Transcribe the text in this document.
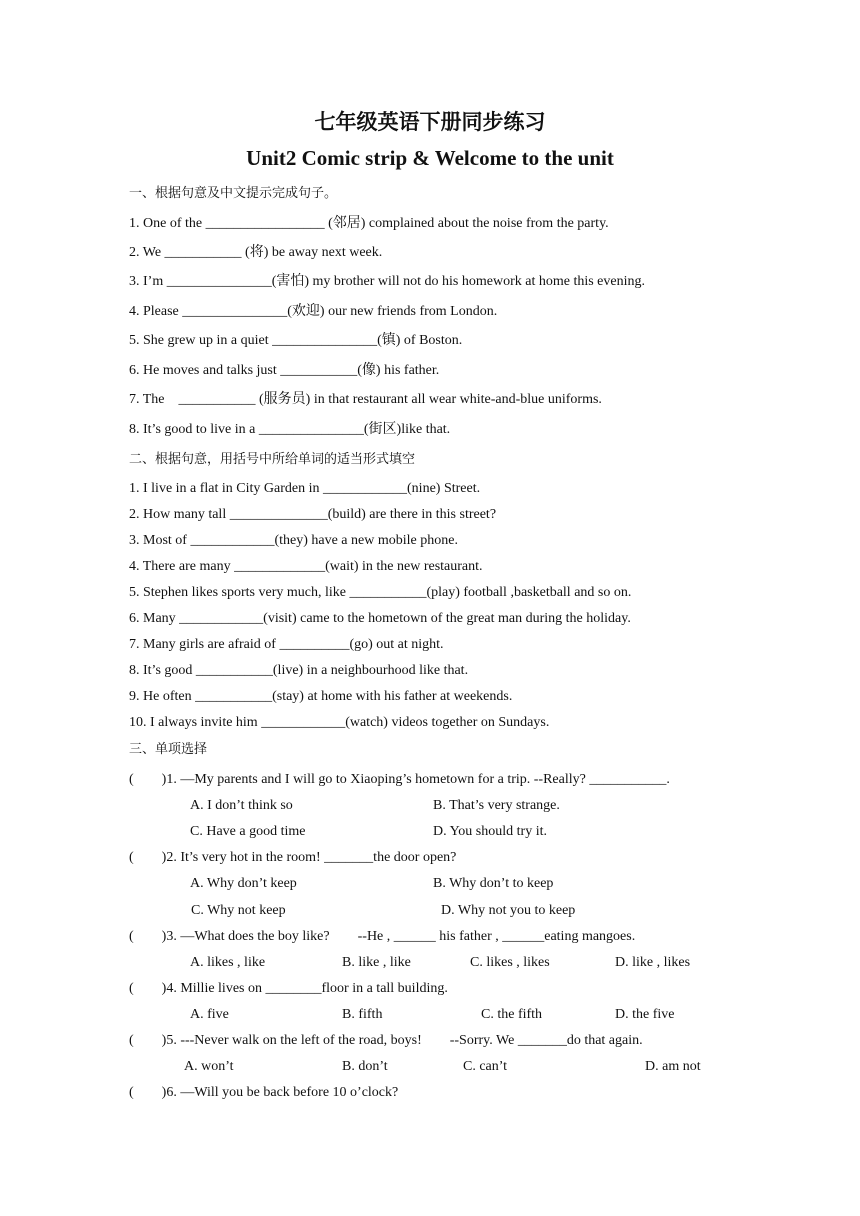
七年级英语下册同步练习
Unit2 Comic strip & Welcome to the unit
一、根据句意及中文提示完成句子。
1. One of the _________________ (邻居) complained about the noise from the party.
2. We ___________ (将) be away next week.
3. I’m _______________(害怕) my brother will not do his homework at home this evening.
4. Please _______________(欢迎) our new friends from London.
5. She grew up in a quiet _______________(镇) of Boston.
6. He moves and talks just ___________(像) his father.
7. The    ___________ (服务员) in that restaurant all wear white-and-blue uniforms.
8. It’s good to live in a _______________(街区)like that.
二、根据句意，用括号中所给单词的适当形式填空
1. I live in a flat in City Garden in ____________(nine) Street.
2. How many tall ______________(build) are there in this street?
3. Most of ____________(they) have a new mobile phone.
4. There are many _____________(wait) in the new restaurant.
5. Stephen likes sports very much, like ___________(play) football ,basketball and so on.
6. Many ____________(visit) came to the hometown of the great man during the holiday.
7. Many girls are afraid of __________(go) out at night.
8. It’s good ___________(live) in a neighbourhood like that.
9. He often ___________(stay) at home with his father at weekends.
10. I always invite him ____________(watch) videos together on Sundays.
三、单项选择
(        )1. —My parents and I will go to Xiaoping’s hometown for a trip. --Really? ___________.
A. I don’t think so	B. That’s very strange.
C. Have a good time	D. You should try it.
(        )2. It’s very hot in the room! _______the door open?
A. Why don’t keep	B. Why don’t to keep
C. Why not keep	D. Why not you to keep
(        )3. —What does the boy like?        --He , ______ his father , ______eating mangoes.
A. likes , like	B. like , like	C. likes , likes	D. like , likes
(        )4. Millie lives on ________floor in a tall building.
A. five	B. fifth	C. the fifth	D. the five
(        )5. ---Never walk on the left of the road, boys!        --Sorry. We _______do that again.
A. won’t	B. don’t	C. can’t	D. am not
(        )6. —Will you be back before 10 o’clock?
